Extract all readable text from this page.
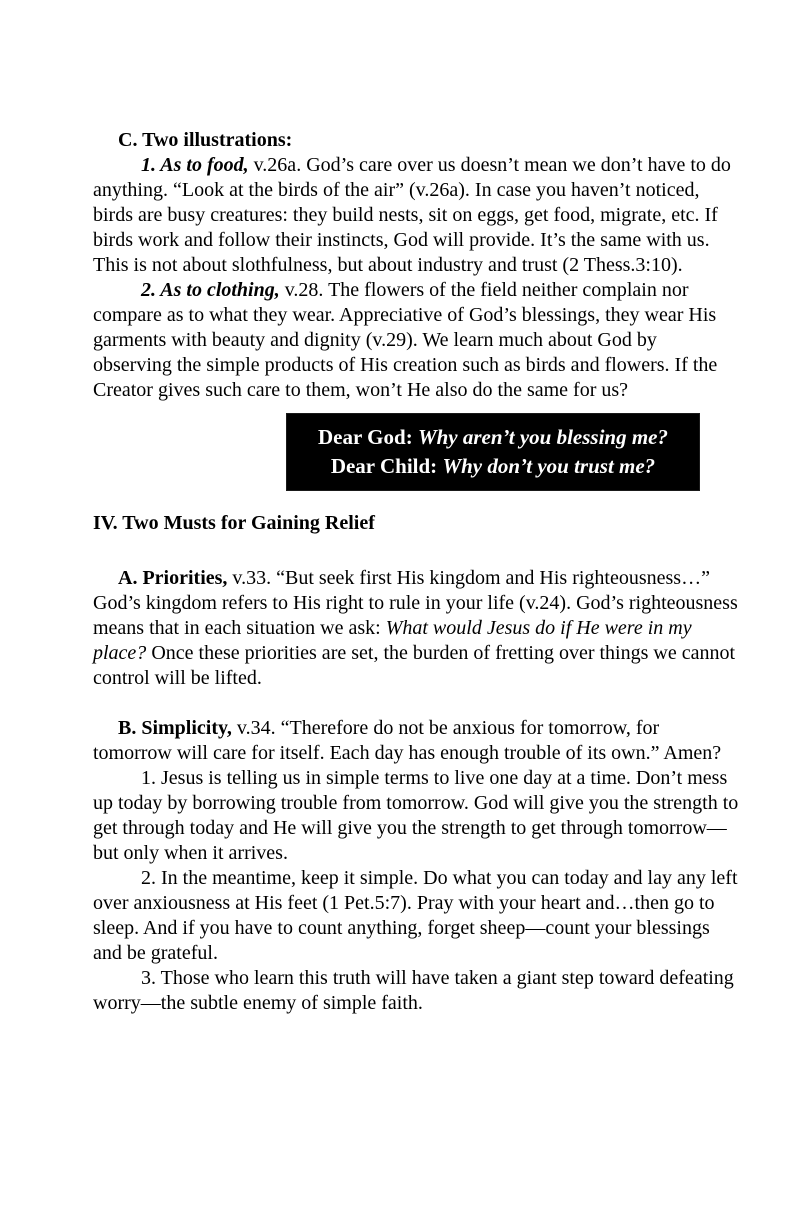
C. Two illustrations:
1. As to food, v.26a. God’s care over us doesn’t mean we don’t have to do anything. “Look at the birds of the air” (v.26a). In case you haven’t noticed, birds are busy creatures: they build nests, sit on eggs, get food, migrate, etc. If birds work and follow their instincts, God will provide. It’s the same with us. This is not about slothfulness, but about industry and trust (2 Thess.3:10).
2. As to clothing, v.28. The flowers of the field neither complain nor compare as to what they wear. Appreciative of God’s blessings, they wear His garments with beauty and dignity (v.29). We learn much about God by observing the simple products of His creation such as birds and flowers. If the Creator gives such care to them, won’t He also do the same for us?
Dear God: Why aren’t you blessing me?
Dear Child: Why don’t you trust me?
IV. Two Musts for Gaining Relief
A. Priorities, v.33. “But seek first His kingdom and His righteousness…” God’s kingdom refers to His right to rule in your life (v.24). God’s righteousness means that in each situation we ask: What would Jesus do if He were in my place? Once these priorities are set, the burden of fretting over things we cannot control will be lifted.
B. Simplicity, v.34. “Therefore do not be anxious for tomorrow, for tomorrow will care for itself. Each day has enough trouble of its own.” Amen?
1. Jesus is telling us in simple terms to live one day at a time. Don’t mess up today by borrowing trouble from tomorrow. God will give you the strength to get through today and He will give you the strength to get through tomorrow—but only when it arrives.
2. In the meantime, keep it simple. Do what you can today and lay any left over anxiousness at His feet (1 Pet.5:7). Pray with your heart and…then go to sleep. And if you have to count anything, forget sheep—count your blessings and be grateful.
3. Those who learn this truth will have taken a giant step toward defeating worry—the subtle enemy of simple faith.
